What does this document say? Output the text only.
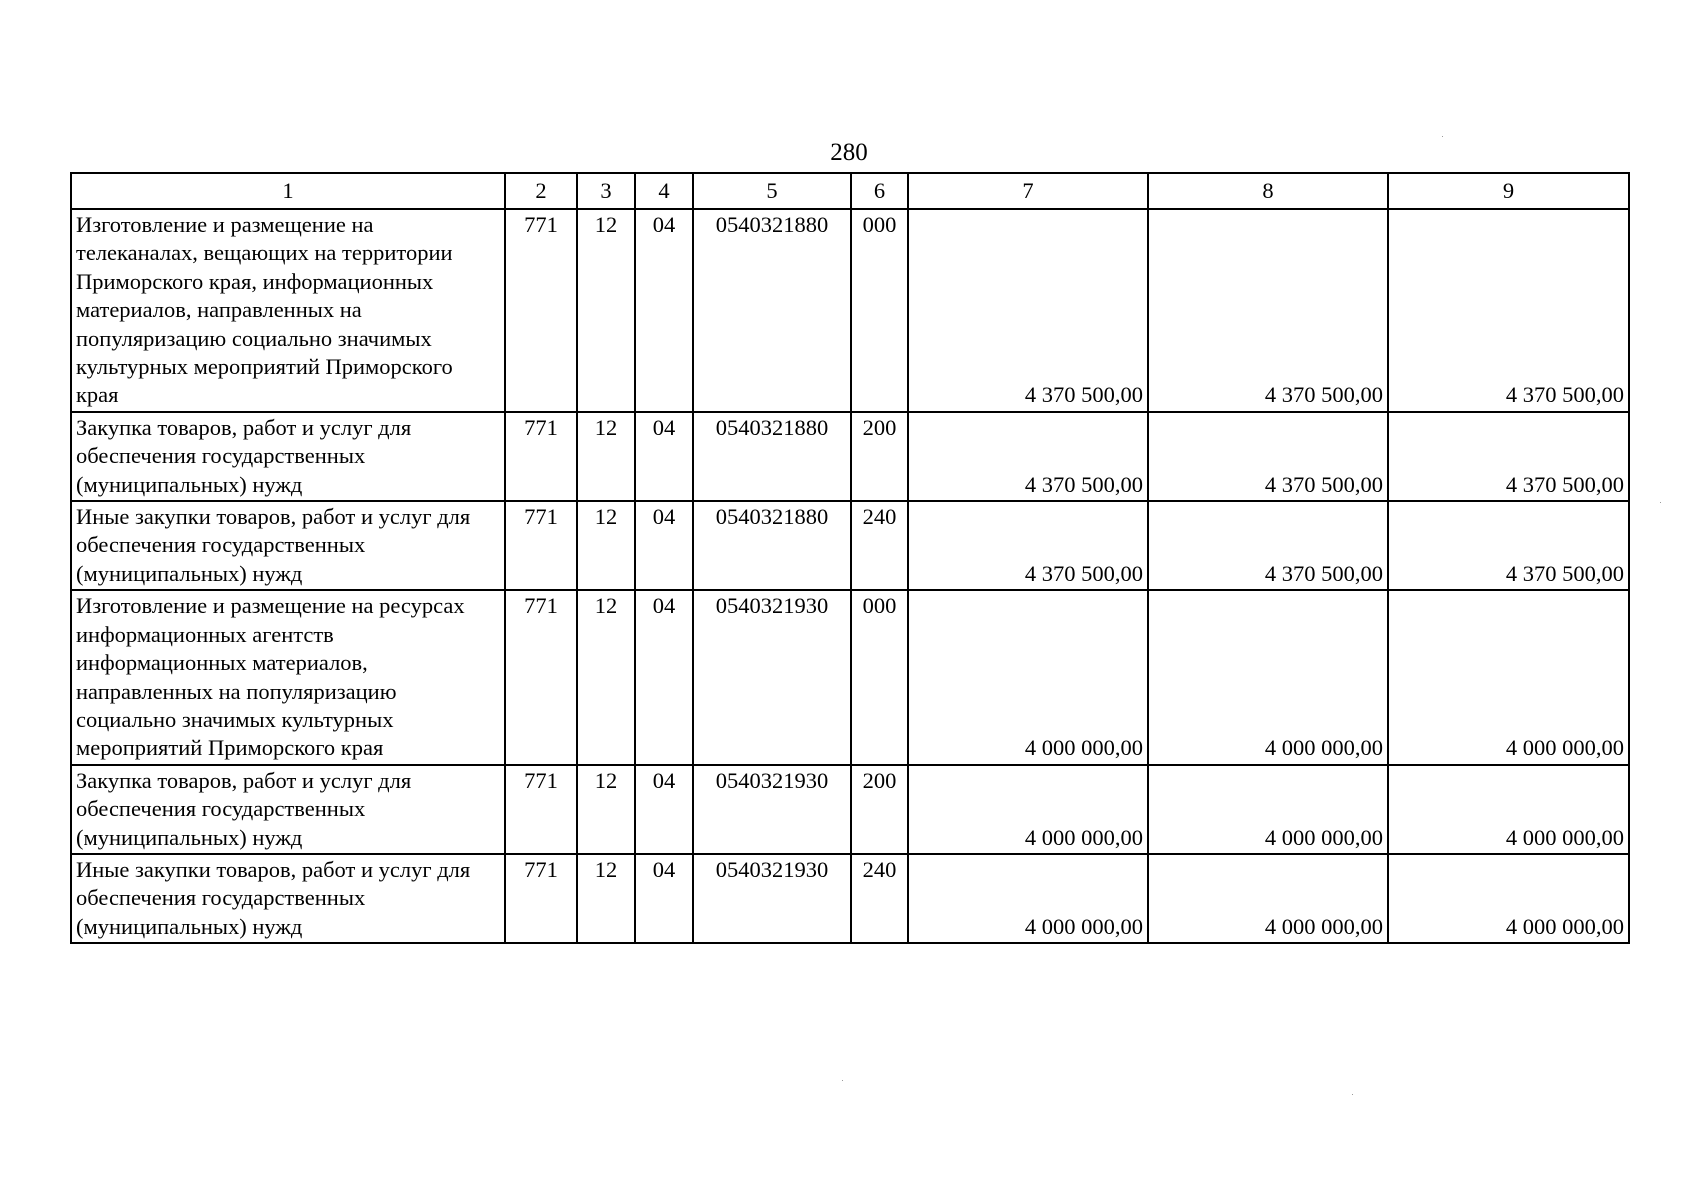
280
1	2	3	4	5	6	7	8	9
Изготовление и размещение на телеканалах, вещающих на территории Приморского края, информационных материалов, направленных на популяризацию социально значимых культурных мероприятий Приморского края	771	12	04	0540321880	000	4 370 500,00	4 370 500,00	4 370 500,00
Закупка товаров, работ и услуг для обеспечения государственных (муниципальных) нужд	771	12	04	0540321880	200	4 370 500,00	4 370 500,00	4 370 500,00
Иные закупки товаров, работ и услуг для обеспечения государственных (муниципальных) нужд	771	12	04	0540321880	240	4 370 500,00	4 370 500,00	4 370 500,00
Изготовление и размещение на ресурсах информационных агентств информационных материалов, направленных на популяризацию социально значимых культурных мероприятий Приморского края	771	12	04	0540321930	000	4 000 000,00	4 000 000,00	4 000 000,00
Закупка товаров, работ и услуг для обеспечения государственных (муниципальных) нужд	771	12	04	0540321930	200	4 000 000,00	4 000 000,00	4 000 000,00
Иные закупки товаров, работ и услуг для обеспечения государственных (муниципальных) нужд	771	12	04	0540321930	240	4 000 000,00	4 000 000,00	4 000 000,00
